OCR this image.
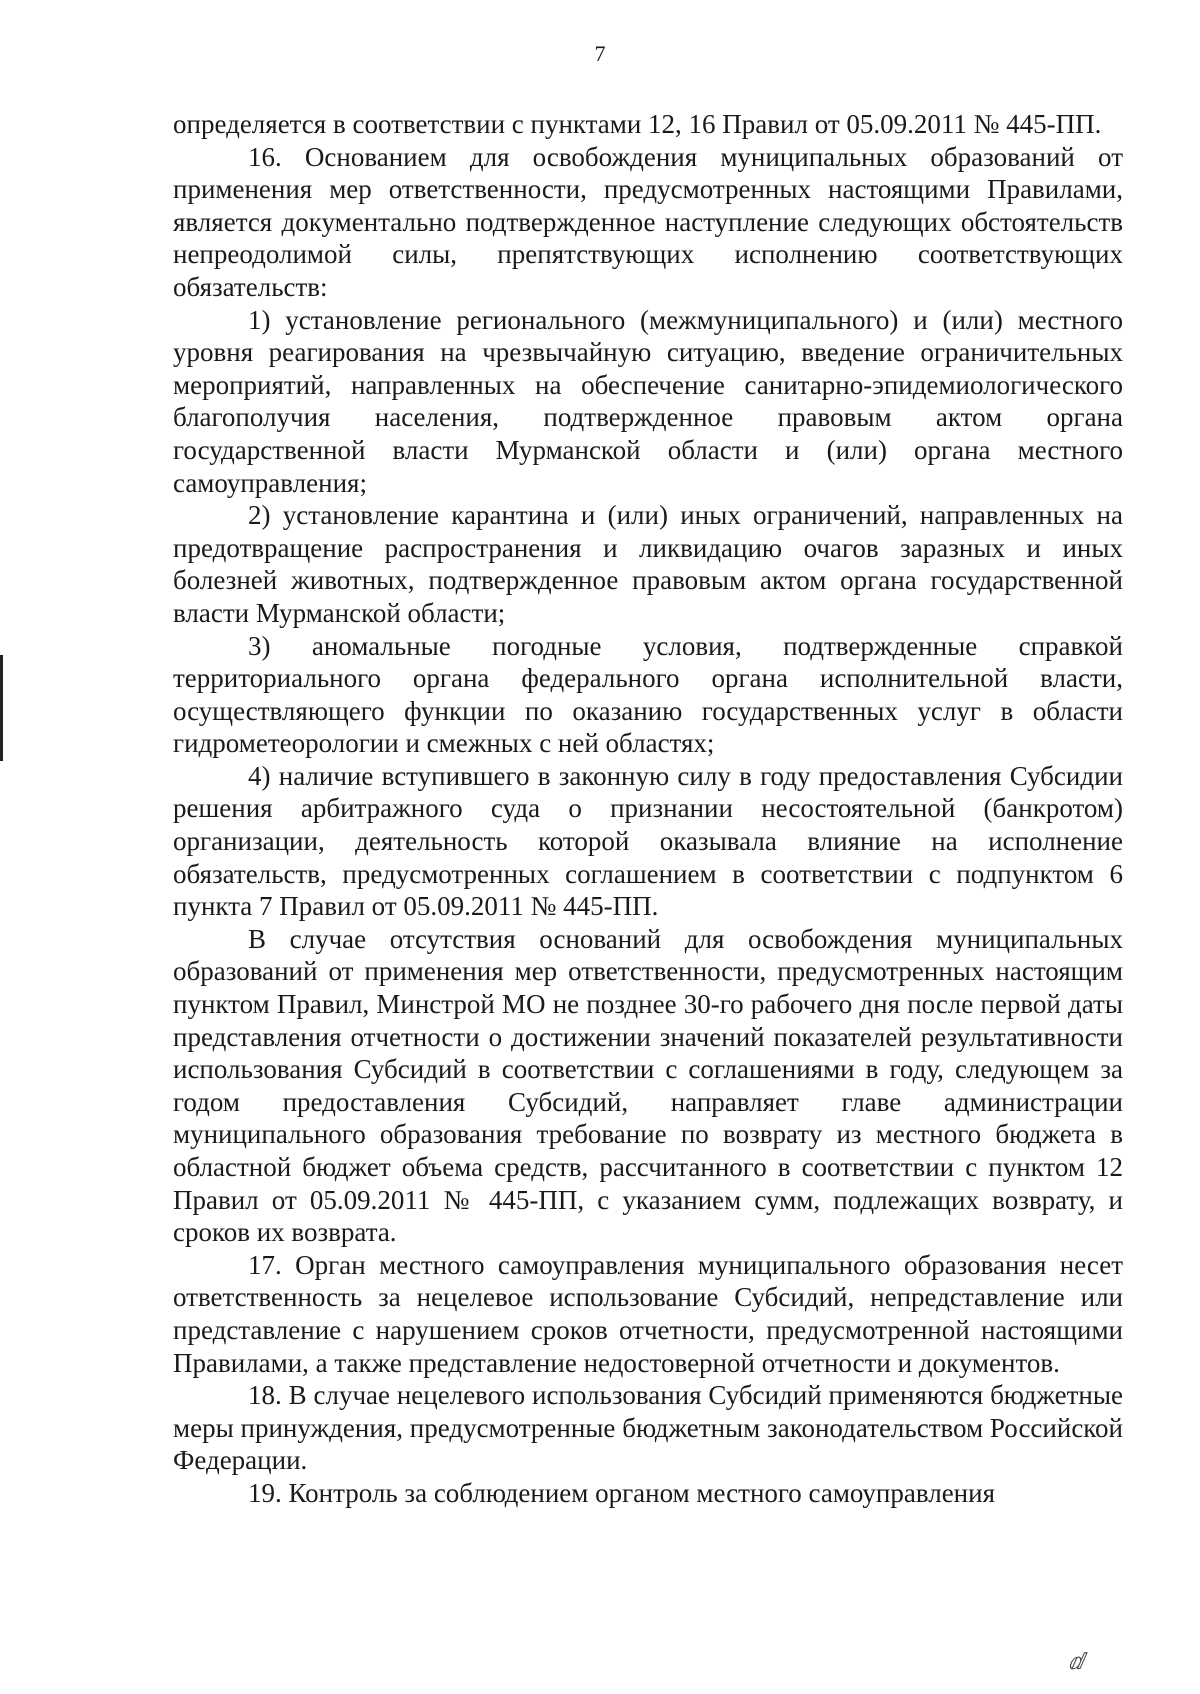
7

определяется в соответствии с пунктами 12, 16 Правил от 05.09.2011 № 445-ПП.

16. Основанием для освобождения муниципальных образований от применения мер ответственности, предусмотренных настоящими Правилами, является документально подтвержденное наступление следующих обстоятельств непреодолимой силы, препятствующих исполнению соответствующих обязательств:

1) установление регионального (межмуниципального) и (или) местного уровня реагирования на чрезвычайную ситуацию, введение ограничительных мероприятий, направленных на обеспечение санитарно-эпидемиологического благополучия населения, подтвержденное правовым актом органа государственной власти Мурманской области и (или) органа местного самоуправления;

2) установление карантина и (или) иных ограничений, направленных на предотвращение распространения и ликвидацию очагов заразных и иных болезней животных, подтвержденное правовым актом органа государственной власти Мурманской области;

3) аномальные погодные условия, подтвержденные справкой территориального органа федерального органа исполнительной власти, осуществляющего функции по оказанию государственных услуг в области гидрометеорологии и смежных с ней областях;

4) наличие вступившего в законную силу в году предоставления Субсидии решения арбитражного суда о признании несостоятельной (банкротом) организации, деятельность которой оказывала влияние на исполнение обязательств, предусмотренных соглашением в соответствии с подпунктом 6 пункта 7 Правил от 05.09.2011 № 445-ПП.

В случае отсутствия оснований для освобождения муниципальных образований от применения мер ответственности, предусмотренных настоящим пунктом Правил, Минстрой МО не позднее 30-го рабочего дня после первой даты представления отчетности о достижении значений показателей результативности использования Субсидий в соответствии с соглашениями в году, следующем за годом предоставления Субсидий, направляет главе администрации муниципального образования требование по возврату из местного бюджета в областной бюджет объема средств, рассчитанного в соответствии с пунктом 12 Правил от 05.09.2011 № 445-ПП, с указанием сумм, подлежащих возврату, и сроков их возврата.

17. Орган местного самоуправления муниципального образования несет ответственность за нецелевое использование Субсидий, непредставление или представление с нарушением сроков отчетности, предусмотренной настоящими Правилами, а также представление недостоверной отчетности и документов.

18. В случае нецелевого использования Субсидий применяются бюджетные меры принуждения, предусмотренные бюджетным законодательством Российской Федерации.

19. Контроль за соблюдением органом местного самоуправления

ⅆ
